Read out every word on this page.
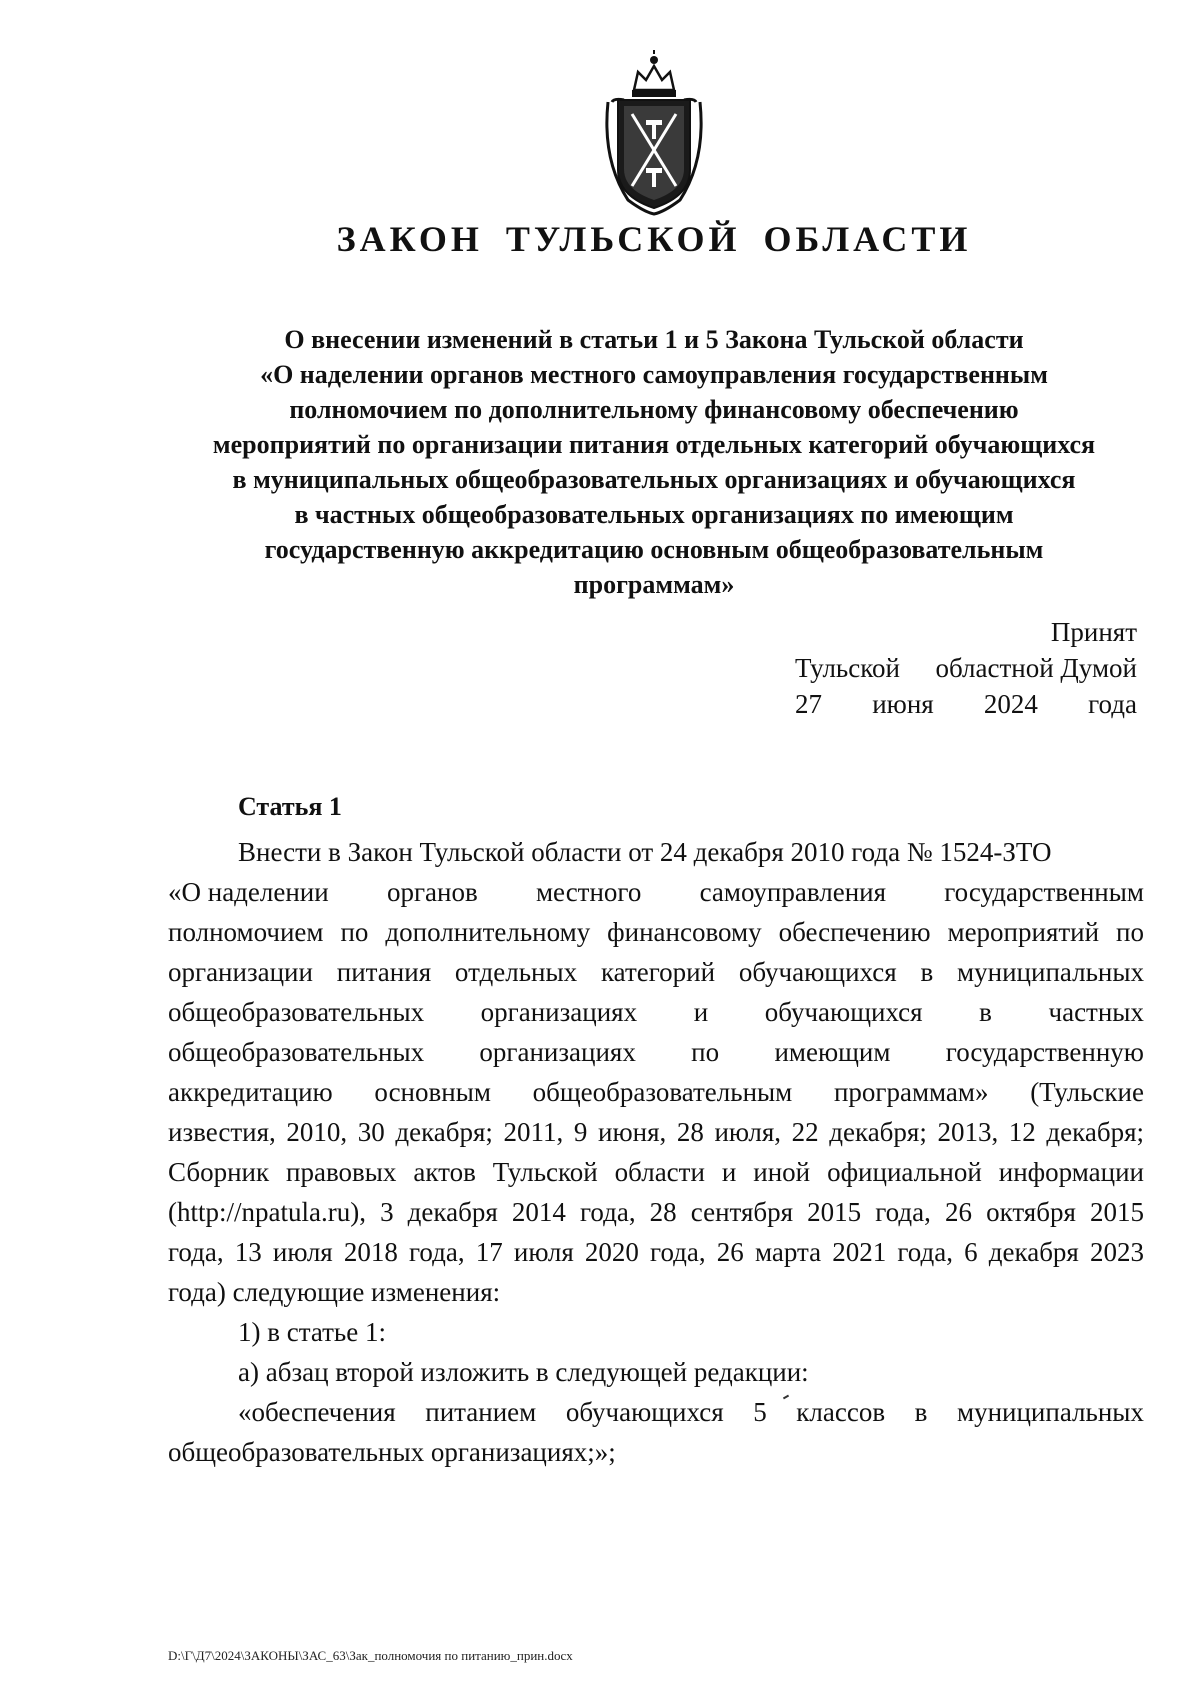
ЗАКОН ТУЛЬСКОЙ ОБЛАСТИ
О внесении изменений в статьи 1 и 5 Закона Тульской области
«О наделении органов местного самоуправления государственным
полномочием по дополнительному финансовому обеспечению
мероприятий по организации питания отдельных категорий обучающихся
в муниципальных общеобразовательных организациях и обучающихся
в частных общеобразовательных организациях по имеющим
государственную аккредитацию основным общеобразовательным
программам»
Принят
Тульской областной Думой
27 июня 2024 года
Статья 1
Внести в Закон Тульской области от 24 декабря 2010 года № 1524-ЗТО
«О наделении органов местного самоуправления государственным
полномочием по дополнительному финансовому обеспечению мероприятий по
организации питания отдельных категорий обучающихся в муниципальных
общеобразовательных организациях и обучающихся в частных
общеобразовательных организациях по имеющим государственную
аккредитацию основным общеобразовательным программам» (Тульские
известия, 2010, 30 декабря; 2011, 9 июня, 28 июля, 22 декабря; 2013, 12 декабря;
Сборник правовых актов Тульской области и иной официальной информации
(http://npatula.ru), 3 декабря 2014 года, 28 сентября 2015 года, 26 октября 2015
года, 13 июля 2018 года, 17 июля 2020 года, 26 марта 2021 года, 6 декабря 2023
года) следующие изменения:
1) в статье 1:
а) абзац второй изложить в следующей редакции:
«обеспечения питанием обучающихся 5 классов в муниципальных
общеобразовательных организациях;»;
D:\Г\Д7\2024\ЗАКОНЫ\ЗАС_63\Зак_полномочия по питанию_прин.docx
